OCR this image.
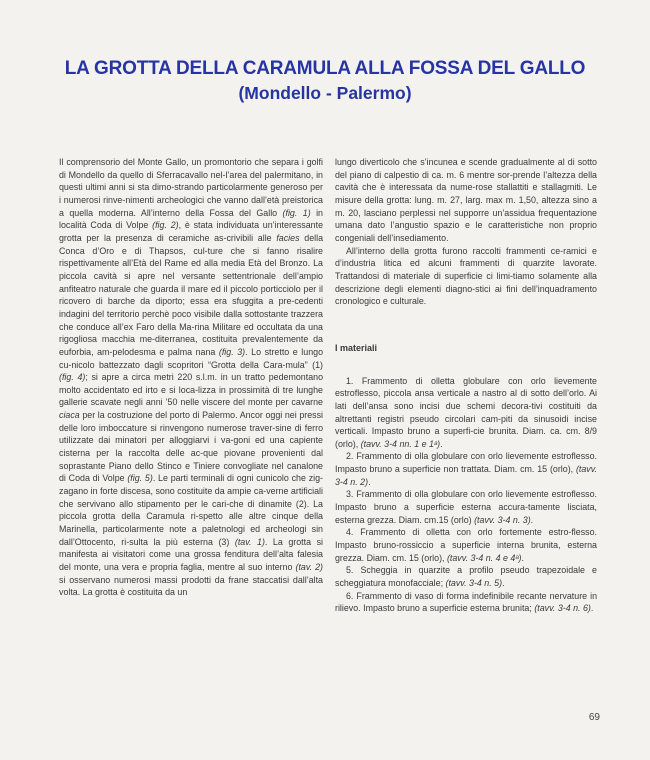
LA GROTTA DELLA CARAMULA ALLA FOSSA DEL GALLO
(Mondello - Palermo)

Il comprensorio del Monte Gallo, un promontorio che separa i golfi di Mondello da quello di Sferracavallo nel-l’area del palermitano, in questi ultimi anni si sta dimo-strando particolarmente generoso per i numerosi rinve-nimenti archeologici che vanno dall’età preistorica a quella moderna. All’interno della Fossa del Gallo (fig. 1) in località Coda di Volpe (fig. 2), è stata individuata un’interessante grotta per la presenza di ceramiche as-crivibili alle facies della Conca d’Oro e di Thapsos, cul-ture che si fanno risalire rispettivamente all’Età del Rame ed alla media Età del Bronzo. La piccola cavità si apre nel versante settentrionale dell’ampio anfiteatro naturale che guarda il mare ed il piccolo porticciolo per il ricovero di barche da diporto; essa era sfuggita a pre-cedenti indagini del territorio perchè poco visibile dalla sottostante trazzera che conduce all’ex Faro della Ma-rina Militare ed occultata da una rigogliosa macchia me-diterranea, costituita prevalentemente da euforbia, am-pelodesma e palma nana (fig. 3). Lo stretto e lungo cu-nicolo battezzato dagli scopritori “Grotta della Cara-mula” (1) (fig. 4); si apre a circa metri 220 s.l.m. in un tratto pedemontano molto accidentato ed irto e si loca-lizza in prossimità di tre lunghe gallerie scavate negli anni ’50 nelle viscere del monte per cavarne ciaca per la costruzione del porto di Palermo. Ancor oggi nei pressi delle loro imboccature si rinvengono numerose traver-sine di ferro utilizzate dai minatori per alloggiarvi i va-goni ed una capiente cisterna per la raccolta delle ac-que piovane provenienti dal soprastante Piano dello Stinco e Tiniere convogliate nel canalone di Coda di Volpe (fig. 5). Le parti terminali di ogni cunicolo che zig-zagano in forte discesa, sono costituite da ampie ca-verne artificiali che servivano allo stipamento per le cari-che di dinamite (2). La piccola grotta della Caramula ri-spetto alle altre cinque della Marinella, particolarmente note a paletnologi ed archeologi sin dall’Ottocento, ri-sulta la più esterna (3) (tav. 1). La grotta si manifesta ai visitatori come una grossa fenditura dell’alta falesia del monte, una vera e propria faglia, mentre al suo interno (tav. 2) si osservano numerosi massi prodotti da frane staccatisi dall’alta volta. La grotta è costituita da un

lungo diverticolo che s’incunea e scende gradualmente al di sotto del piano di calpestio di ca. m. 6 mentre sor-prende l’altezza della cavità che è interessata da nume-rose stallattiti e stallagmiti. Le misure della grotta: lung. m. 27, larg. max m. 1,50, altezza sino a m. 20, lasciano perplessi nel supporre un’assidua frequentazione umana dato l’angustio spazio e le caratteristiche non proprio congeniali dell’insediamento.

All’interno della grotta furono raccolti frammenti ce-ramici e d’industria litica ed alcuni frammenti di quarzite lavorate. Trattandosi di materiale di superficie ci limi-tiamo solamente alla descrizione degli elementi diagno-stici ai fini dell’inquadramento cronologico e culturale.

I materiali

1. Frammento di olletta globulare con orlo lievemente estroflesso, piccola ansa verticale a nastro al di sotto dell’orlo. Ai lati dell’ansa sono incisi due schemi decora-tivi costituiti da altrettanti registri pseudo circolari cam-piti da sinusoidi incise verticali. Impasto bruno a superfi-cie brunita. Diam. ca. cm. 8/9 (orlo), (tavv. 3-4 nn. 1 e 1ᵃ).

2. Frammento di olla globulare con orlo lievemente estroflesso. Impasto bruno a superficie non trattata. Diam. cm. 15 (orlo), (tavv. 3-4 n. 2).

3. Frammento di olla globulare con orlo lievemente estroflesso. Impasto bruno a superficie esterna accura-tamente lisciata, esterna grezza. Diam. cm.15 (orlo) (tavv. 3-4 n. 3).

4. Frammento di olletta con orlo fortemente estro-flesso. Impasto bruno-rossiccio a superficie interna brunita, esterna grezza. Diam. cm. 15 (orlo), (tavv. 3-4 n. 4 e 4ᵃ).

5. Scheggia in quarzite a profilo pseudo trapezoidale e scheggiatura monofacciale; (tavv. 3-4 n. 5).

6. Frammento di vaso di forma indefinibile recante nervature in rilievo. Impasto bruno a superficie esterna brunita; (tavv. 3-4 n. 6).

69
